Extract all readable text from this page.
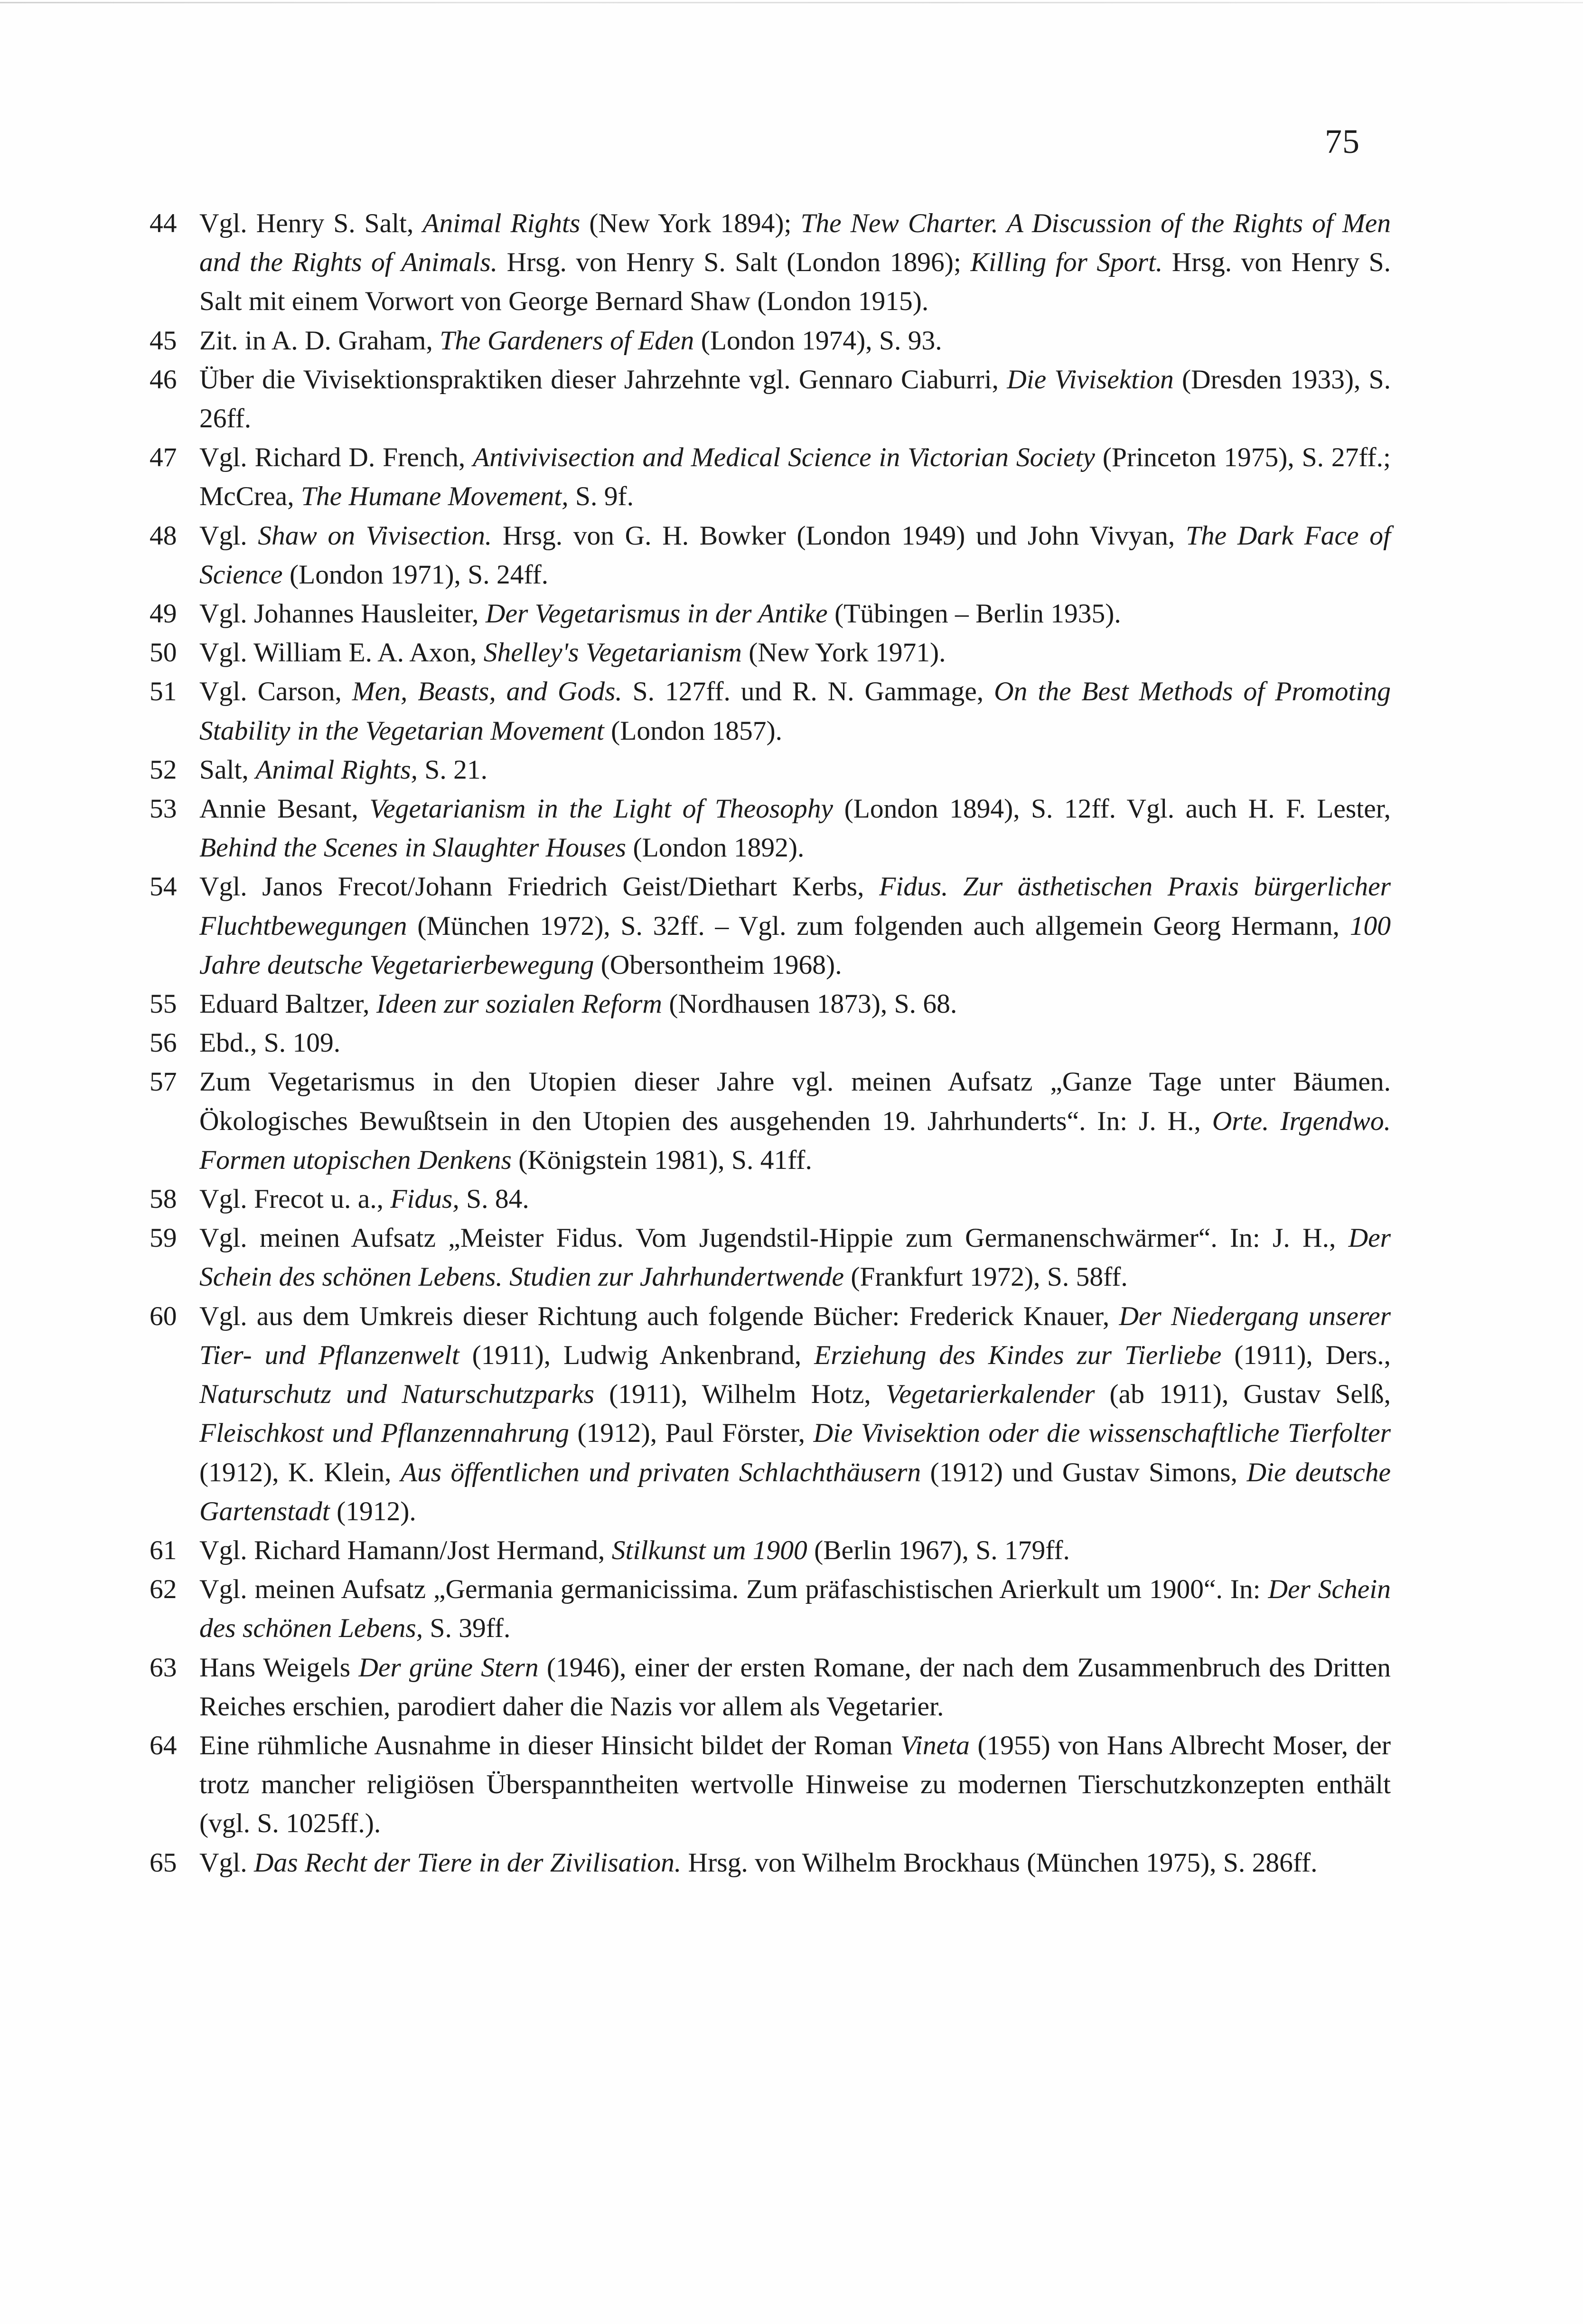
75
44 Vgl. Henry S. Salt, Animal Rights (New York 1894); The New Charter. A Discussion of the Rights of Men and the Rights of Animals. Hrsg. von Henry S. Salt (London 1896); Killing for Sport. Hrsg. von Henry S. Salt mit einem Vorwort von George Bernard Shaw (London 1915).
45 Zit. in A. D. Graham, The Gardeners of Eden (London 1974), S. 93.
46 Über die Vivisektionspraktiken dieser Jahrzehnte vgl. Gennaro Ciaburri, Die Vivisektion (Dresden 1933), S. 26ff.
47 Vgl. Richard D. French, Antivivisection and Medical Science in Victorian Society (Princeton 1975), S. 27ff.; McCrea, The Humane Movement, S. 9f.
48 Vgl. Shaw on Vivisection. Hrsg. von G. H. Bowker (London 1949) und John Vivyan, The Dark Face of Science (London 1971), S. 24ff.
49 Vgl. Johannes Hausleiter, Der Vegetarismus in der Antike (Tübingen – Berlin 1935).
50 Vgl. William E. A. Axon, Shelley's Vegetarianism (New York 1971).
51 Vgl. Carson, Men, Beasts, and Gods. S. 127ff. und R. N. Gammage, On the Best Methods of Promoting Stability in the Vegetarian Movement (London 1857).
52 Salt, Animal Rights, S. 21.
53 Annie Besant, Vegetarianism in the Light of Theosophy (London 1894), S. 12ff. Vgl. auch H. F. Lester, Behind the Scenes in Slaughter Houses (London 1892).
54 Vgl. Janos Frecot/Johann Friedrich Geist/Diethart Kerbs, Fidus. Zur ästhetischen Praxis bürgerlicher Fluchtbewegungen (München 1972), S. 32ff. – Vgl. zum folgenden auch allgemein Georg Hermann, 100 Jahre deutsche Vegetarierbewegung (Obersontheim 1968).
55 Eduard Baltzer, Ideen zur sozialen Reform (Nordhausen 1873), S. 68.
56 Ebd., S. 109.
57 Zum Vegetarismus in den Utopien dieser Jahre vgl. meinen Aufsatz „Ganze Tage unter Bäumen. Ökologisches Bewußtsein in den Utopien des ausgehenden 19. Jahrhunderts“. In: J. H., Orte. Irgendwo. Formen utopischen Denkens (Königstein 1981), S. 41ff.
58 Vgl. Frecot u. a., Fidus, S. 84.
59 Vgl. meinen Aufsatz „Meister Fidus. Vom Jugendstil-Hippie zum Germanenschwärmer“. In: J. H., Der Schein des schönen Lebens. Studien zur Jahrhundertwende (Frankfurt 1972), S. 58ff.
60 Vgl. aus dem Umkreis dieser Richtung auch folgende Bücher: Frederick Knauer, Der Niedergang unserer Tier- und Pflanzenwelt (1911), Ludwig Ankenbrand, Erziehung des Kindes zur Tierliebe (1911), Ders., Naturschutz und Naturschutzparks (1911), Wilhelm Hotz, Vegetarierkalender (ab 1911), Gustav Selß, Fleischkost und Pflanzennahrung (1912), Paul Förster, Die Vivisektion oder die wissenschaftliche Tierfolter (1912), K. Klein, Aus öffentlichen und privaten Schlachthäusern (1912) und Gustav Simons, Die deutsche Gartenstadt (1912).
61 Vgl. Richard Hamann/Jost Hermand, Stilkunst um 1900 (Berlin 1967), S. 179ff.
62 Vgl. meinen Aufsatz „Germania germanicissima. Zum präfaschistischen Arierkult um 1900“. In: Der Schein des schönen Lebens, S. 39ff.
63 Hans Weigels Der grüne Stern (1946), einer der ersten Romane, der nach dem Zusammenbruch des Dritten Reiches erschien, parodiert daher die Nazis vor allem als Vegetarier.
64 Eine rühmliche Ausnahme in dieser Hinsicht bildet der Roman Vineta (1955) von Hans Albrecht Moser, der trotz mancher religiösen Überspanntheiten wertvolle Hinweise zu modernen Tierschutzkonzepten enthält (vgl. S. 1025ff.).
65 Vgl. Das Recht der Tiere in der Zivilisation. Hrsg. von Wilhelm Brockhaus (München 1975), S. 286ff.
